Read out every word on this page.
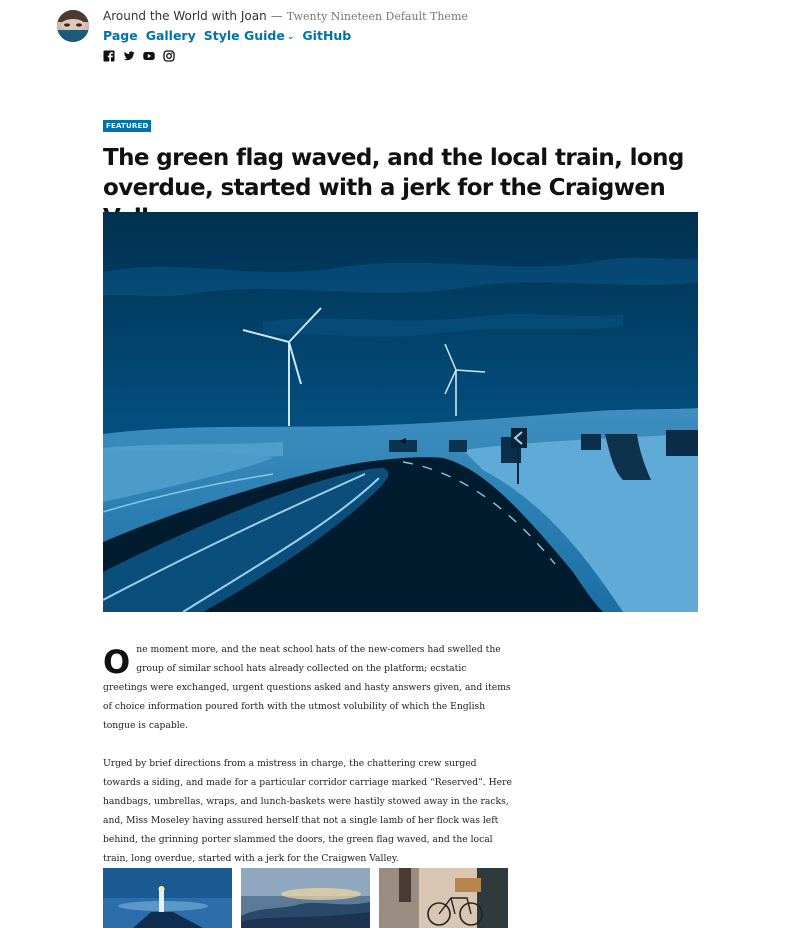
Around the World with Joan — Twenty Nineteen Default Theme
Page Gallery Style Guide ⌄ GitHub
FEATURED
The green flag waved, and the local train, long overdue, started with a jerk for the Craigwen

One moment more, and the neat school hats of the new-comers had swelled the group of similar school hats already collected on the platform; ecstatic greetings were exchanged, urgent questions asked and hasty answers given, and items of choice information poured forth with the utmost volubility of which the English tongue is capable.

Urged by brief directions from a mistress in charge, the chattering crew surged towards a siding, and made for a particular corridor carriage marked “Reserved”. Here handbags, umbrellas, wraps, and lunch-baskets were hastily stowed away in the racks, and, Miss Moseley having assured herself that not a single lamb of her flock was left behind, the grinning porter slammed the doors, the green flag waved, and the local train, long overdue, started with a jerk for the Craigwen Valley.
